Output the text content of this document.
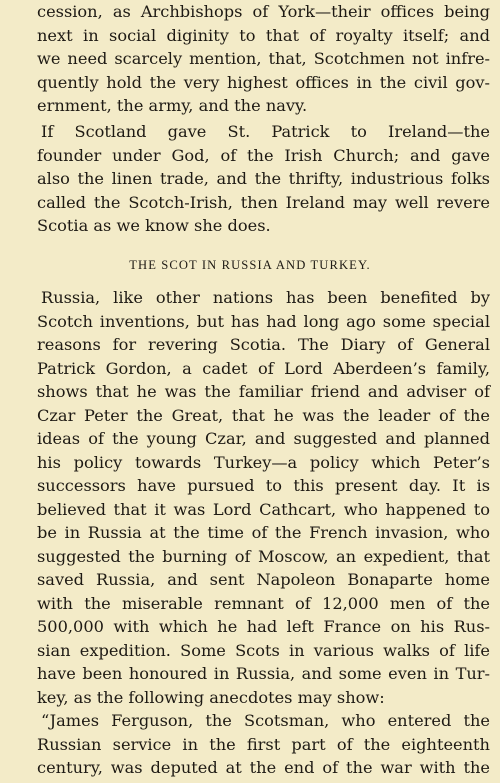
cession, as Archbishops of York—their offices being
next in social diginity to that of royalty itself; and
we need scarcely mention, that, Scotchmen not infre-
quently hold the very highest offices in the civil gov-
ernment, the army, and the navy.
If Scotland gave St. Patrick to Ireland—the
founder under God, of the Irish Church; and gave
also the linen trade, and the thrifty, industrious folks
called the Scotch-Irish, then Ireland may well revere
Scotia as we know she does.
THE SCOT IN RUSSIA AND TURKEY.
Russia, like other nations has been benefited by
Scotch inventions, but has had long ago some special
reasons for revering Scotia. The Diary of General
Patrick Gordon, a cadet of Lord Aberdeen’s family,
shows that he was the familiar friend and adviser of
Czar Peter the Great, that he was the leader of the
ideas of the young Czar, and suggested and planned
his policy towards Turkey—a policy which Peter’s
successors have pursued to this present day. It is
believed that it was Lord Cathcart, who happened to
be in Russia at the time of the French invasion, who
suggested the burning of Moscow, an expedient, that
saved Russia, and sent Napoleon Bonaparte home
with the miserable remnant of 12,000 men of the
500,000 with which he had left France on his Rus-
sian expedition. Some Scots in various walks of life
have been honoured in Russia, and some even in Tur-
key, as the following anecdotes may show:
“James Ferguson, the Scotsman, who entered the
Russian service in the first part of the eighteenth
century, was deputed at the end of the war with the
